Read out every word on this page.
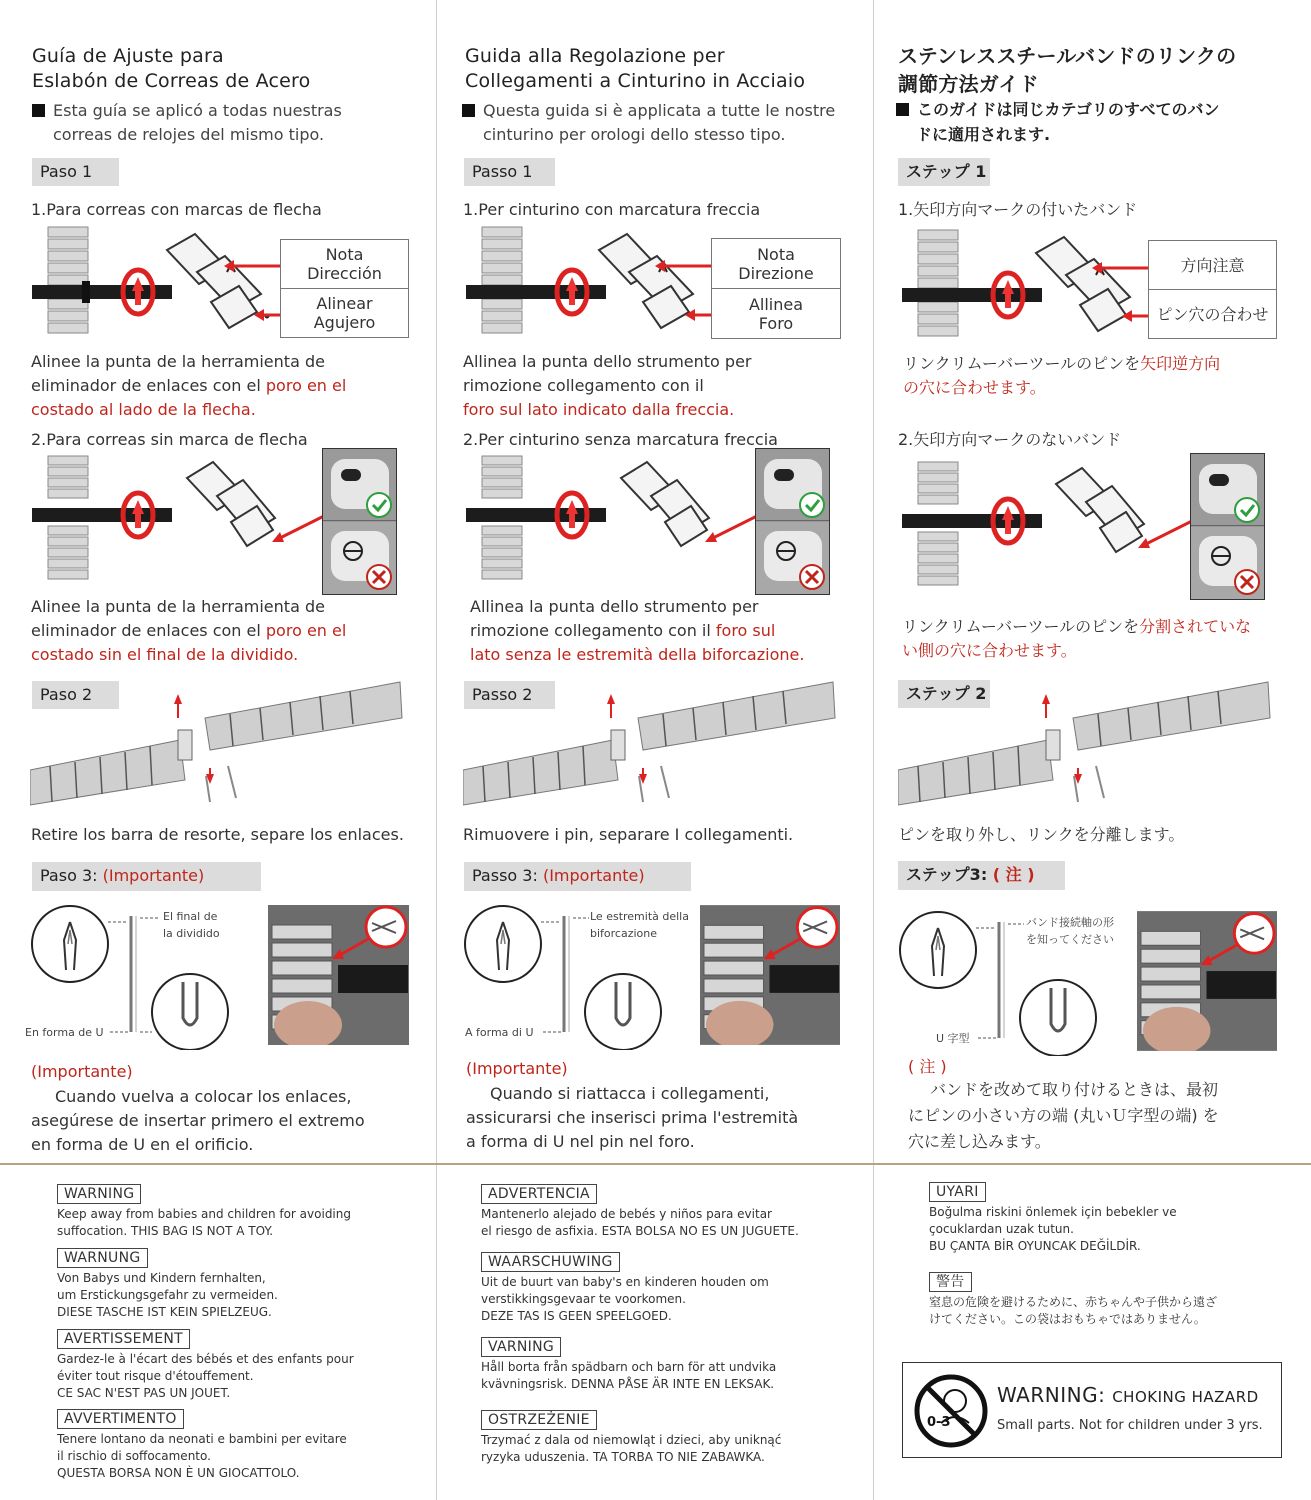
Guía de Ajuste para
Eslabón de Correas de Acero
Esta guía se aplicó a todas nuestras
correas de relojes del mismo tipo.
Paso 1
1.Para correas con marcas de flecha
Nota
Dirección
Alinear
Agujero
Alinee la punta de la herramienta de
eliminador de enlaces con el poro en el
costado al lado de la flecha.
2.Para correas sin marca de flecha
Alinee la punta de la herramienta de
eliminador de enlaces con el poro en el
costado sin el final de la dividido.
Paso 2
Retire los barra de resorte, separe los enlaces.
Paso 3: (Importante)
El final de
la dividido
En forma de U
(Importante)
Cuando vuelva a colocar los enlaces,
asegúrese de insertar primero el extremo
en forma de U en el orificio.
Guida alla Regolazione per
Collegamenti a Cinturino in Acciaio
Questa guida si è applicata a tutte le nostre
cinturino per orologi dello stesso tipo.
Passo 1
1.Per cinturino con marcatura freccia
Nota
Direzione
Allinea
Foro
Allinea la punta dello strumento per
rimozione collegamento con il
foro sul lato indicato dalla freccia.
2.Per cinturino senza marcatura freccia
Allinea la punta dello strumento per
rimozione collegamento con il foro sul
lato senza le estremità della biforcazione.
Passo 2
Rimuovere i pin, separare I collegamenti.
Passo 3: (Importante)
Le estremità della
biforcazione
A forma di U
(Importante)
Quando si riattacca i collegamenti,
assicurarsi che inserisci prima l'estremità
a forma di U nel pin nel foro.
ステンレススチールバンドのリンクの
調節方法ガイド
このガイドは同じカテゴリのすべてのバン
ドに適用されます.
ステップ 1
1.矢印方向マークの付いたバンド
方向注意
ピン穴の合わせ
リンクリムーバーツールのピンを矢印逆方向
の穴に合わせます。
2.矢印方向マークのないバンド
リンクリムーバーツールのピンを分割されていな
い側の穴に合わせます。
ステップ 2
ピンを取り外し、リンクを分離します。
ステップ3: ( 注 )
バンド接続軸の形
を知ってください
U 字型
( 注 )
バンドを改めて取り付けるときは、最初
にピンの小さい方の端 (丸いＵ字型の端) を
穴に差し込みます。
WARNING
Keep away from babies and children for avoiding
suffocation. THIS BAG IS NOT A TOY.
WARNUNG
Von Babys und Kindern fernhalten,
um Erstickungsgefahr zu vermeiden.
DIESE TASCHE IST KEIN SPIELZEUG.
AVERTISSEMENT
Gardez-le à l'écart des bébés et des enfants pour
éviter tout risque d'étouffement.
CE SAC N'EST PAS UN JOUET.
AVVERTIMENTO
Tenere lontano da neonati e bambini per evitare
il rischio di soffocamento.
QUESTA BORSA NON È UN GIOCATTOLO.
ADVERTENCIA
Mantenerlo alejado de bebés y niños para evitar
el riesgo de asfixia. ESTA BOLSA NO ES UN JUGUETE.
WAARSCHUWING
Uit de buurt van baby's en kinderen houden om
verstikkingsgevaar te voorkomen.
DEZE TAS IS GEEN SPEELGOED.
VARNING
Håll borta från spädbarn och barn för att undvika
kvävningsrisk. DENNA PÅSE ÄR INTE EN LEKSAK.
OSTRZEŻENIE
Trzymać z dala od niemowląt i dzieci, aby uniknąć
ryzyka uduszenia. TA TORBA TO NIE ZABAWKA.
UYARI
Boğulma riskini önlemek için bebekler ve
çocuklardan uzak tutun.
BU ÇANTA BİR OYUNCAK DEĞİLDİR.
警告
窒息の危険を避けるために、赤ちゃんや子供から遠ざ
けてください。この袋はおもちゃではありません。
0-3
WARNING: CHOKING HAZARD
Small parts. Not for children under 3 yrs.
